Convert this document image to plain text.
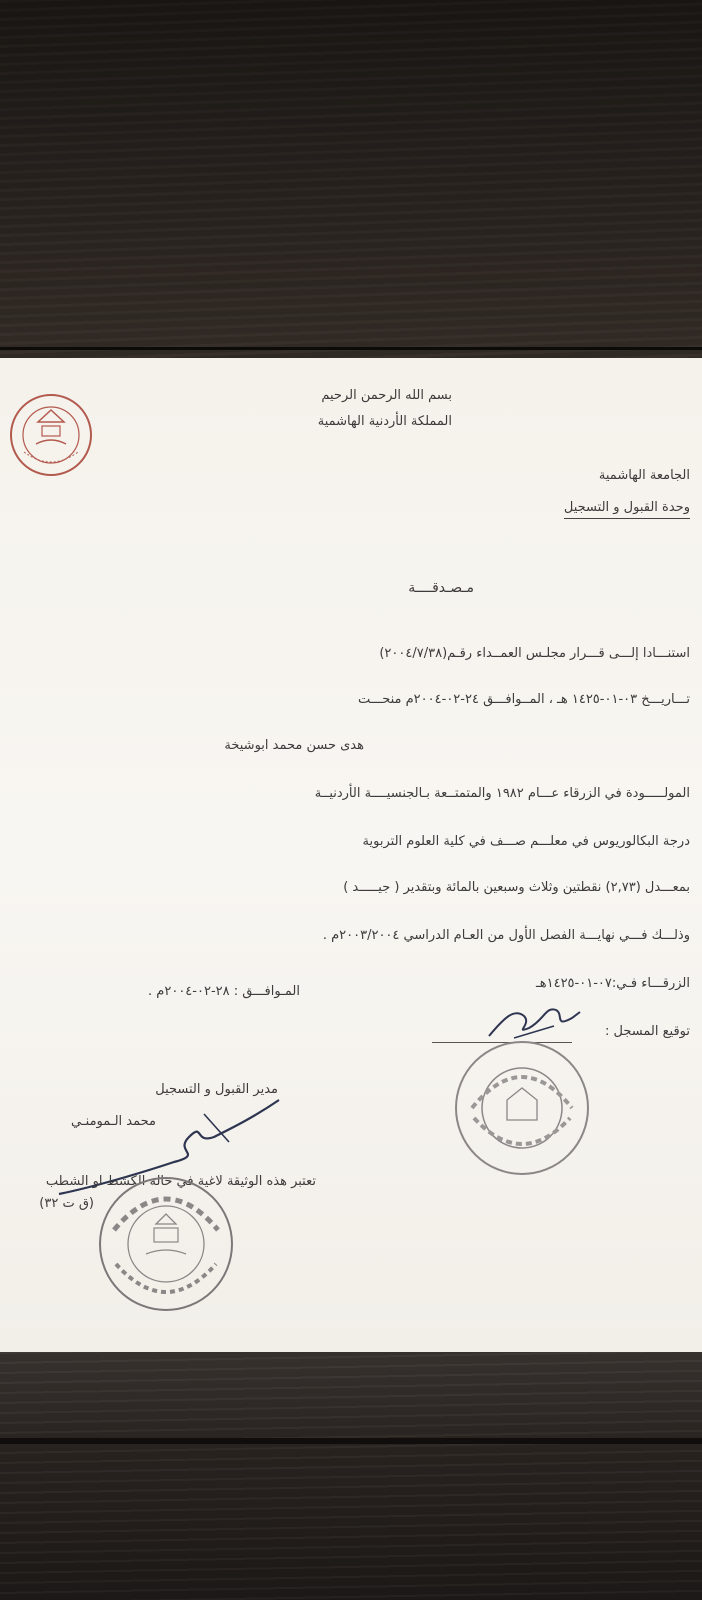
بسم الله الرحمن الرحيم
المملكة الأردنية الهاشمية
الجامعة الهاشمية
وحدة القبول و التسجيل
مـصـدقــــة
استنـــادا إلـــى قـــرار مجلـس العمــداء رقـم(٢٠٠٤/٧/٣٨)
تـــاريـــخ ٠٣-٠١-١٤٢٥ هـ ، المــوافـــق ٢٤-٠٢-٢٠٠٤م منحـــت
هدى حسن محمد ابوشيخة
المولـــــودة في الزرقاء عـــام ١٩٨٢ والمتمتــعة بـالجنسيــــة الأردنيــة
درجة البكالوريوس في معلـــم صـــف في كلية العلوم التربوية
بمعـــدل (٢,٧٣) نقطتين وثلاث وسبعين بالمائة وبتقدير ( جيـــــد )
وذلـــك فـــي نهايـــة الفصل الأول من العـام الدراسي ٢٠٠٣/٢٠٠٤م .
الزرقـــاء فـي:٠٧-٠١-١٤٢٥هـ
المـوافـــق : ٢٨-٠٢-٢٠٠٤م .
توقيع المسجل :
مدير القبول و التسجيل
محمد الـمومنـي
تعتبر هذه الوثيقة لاغية في حالة الكشط او الشطب
(ق ت ٣٢)
